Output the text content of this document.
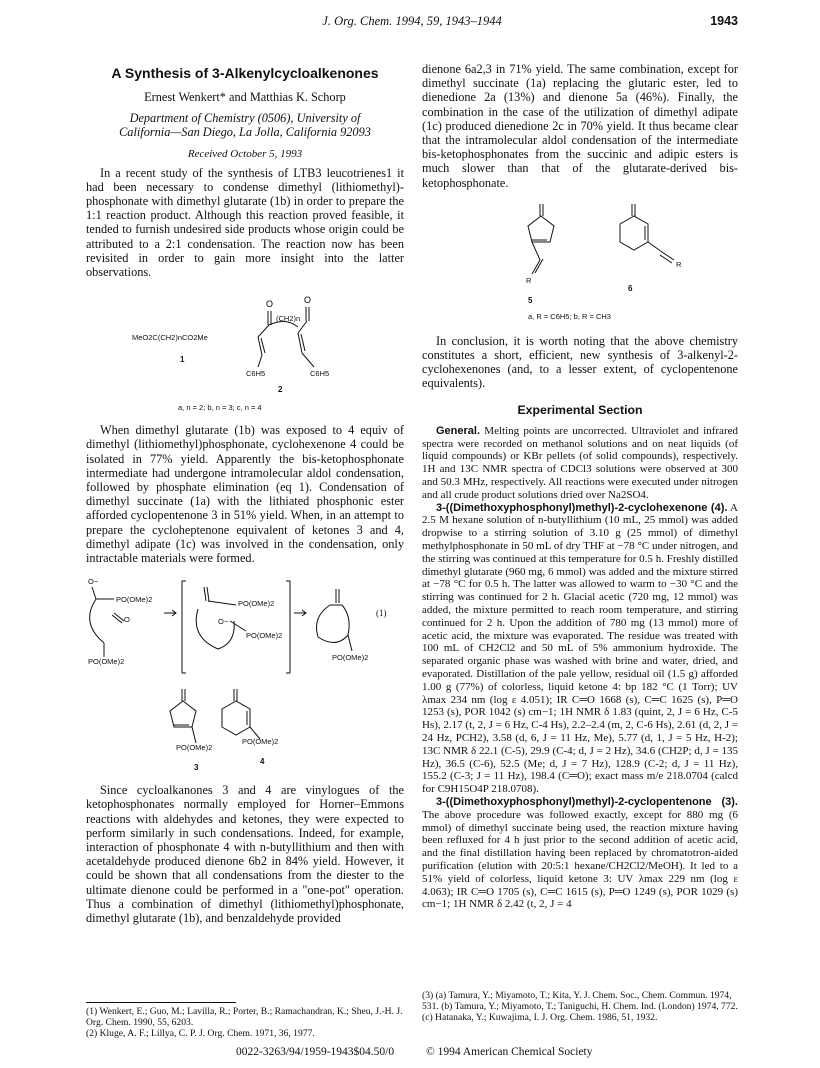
J. Org. Chem. 1994, 59, 1943–1944	1943
A Synthesis of 3-Alkenylcycloalkenones
Ernest Wenkert* and Matthias K. Schorp
Department of Chemistry (0506), University of
California—San Diego, La Jolla, California 92093
Received October 5, 1993

In a recent study of the synthesis of LTB3 leucotrienes1 it had been necessary to condense dimethyl (lithiomethyl)-phosphonate with dimethyl glutarate (1b) in order to prepare the 1:1 reaction product. Although this reaction proved feasible, it tended to furnish undesired side products whose origin could be attributed to a 2:1 condensation. The reaction now has been revisited in order to gain more insight into the latter observations.

O	O
(CH2)n
MeO2C(CH2)nCO2Me
1
C6H5	C6H5
2
a, n = 2; b, n = 3; c, n = 4

When dimethyl glutarate (1b) was exposed to 4 equiv of dimethyl (lithiomethyl)phosphonate, cyclohexenone 4 could be isolated in 77% yield. Apparently the bis-ketophosphonate intermediate had undergone intramolecular aldol condensation, followed by phosphate elimination (eq 1). Condensation of dimethyl succinate (1a) with the lithiated phosphonic ester afforded cyclopentenone 3 in 51% yield. When, in an attempt to prepare the cycloheptenone equivalent of ketones 3 and 4, dimethyl adipate (1c) was involved in the condensation, only intractable materials were formed.

O−
PO(OMe)2
O
PO(OMe)2
PO(OMe)2
O−
PO(OMe)2
PO(OMe)2
(1)
PO(OMe)2
PO(OMe)2
3
4

Since cycloalkanones 3 and 4 are vinylogues of the ketophosphonates normally employed for Horner–Emmons reactions with aldehydes and ketones, they were expected to perform similarly in such condensations. Indeed, for example, interaction of phosphonate 4 with n-butyllithium and then with acetaldehyde produced dienone 6b2 in 84% yield. However, it could be shown that all condensations from the diester to the ultimate dienone could be performed in a "one-pot" operation. Thus a combination of dimethyl (lithiomethyl)phosphonate, dimethyl glutarate (1b), and benzaldehyde provided

dienone 6a2,3 in 71% yield. The same combination, except for dimethyl succinate (1a) replacing the glutaric ester, led to dienedione 2a (13%) and dienone 5a (46%). Finally, the combination in the case of the utilization of dimethyl adipate (1c) produced dienedione 2c in 70% yield. It thus became clear that the intramolecular aldol condensation of the intermediate bis-ketophosphonates from the succinic and adipic esters is much slower than that of the glutarate-derived bis-ketophosphonate.

R
R
5
6
a, R = C6H5; b, R = CH3

In conclusion, it is worth noting that the above chemistry constitutes a short, efficient, new synthesis of 3-alkenyl-2-cyclohexenones (and, to a lesser extent, of cyclopentenone equivalents).

Experimental Section

General. Melting points are uncorrected. Ultraviolet and infrared spectra were recorded on methanol solutions and on neat liquids (of liquid compounds) or KBr pellets (of solid compounds), respectively. 1H and 13C NMR spectra of CDCl3 solutions were observed at 300 and 50.3 MHz, respectively. All reactions were executed under nitrogen and all crude product solutions dried over Na2SO4.

3-((Dimethoxyphosphonyl)methyl)-2-cyclohexenone (4). A 2.5 M hexane solution of n-butyllithium (10 mL, 25 mmol) was added dropwise to a stirring solution of 3.10 g (25 mmol) of dimethyl methylphosphonate in 50 mL of dry THF at −78 °C under nitrogen, and the stirring was continued at this temperature for 0.5 h. Freshly distilled dimethyl glutarate (960 mg, 6 mmol) was added and the mixture stirred at −78 °C for 0.5 h. The latter was allowed to warm to −30 °C and the stirring was continued for 2 h. Glacial acetic (720 mg, 12 mmol) was added, the mixture permitted to reach room temperature, and stirring continued for 2 h. Upon the addition of 780 mg (13 mmol) more of acetic acid, the mixture was evaporated. The residue was treated with 100 mL of CH2Cl2 and 50 mL of 5% ammonium hydroxide. The separated organic phase was washed with brine and water, dried, and evaporated. Distillation of the pale yellow, residual oil (1.5 g) afforded 1.00 g (77%) of colorless, liquid ketone 4: bp 182 °C (1 Torr); UV λmax 234 nm (log ε 4.051); IR C═O 1668 (s), C═C 1625 (s), P═O 1253 (s), POR 1042 (s) cm−1; 1H NMR δ 1.83 (quint, 2, J = 6 Hz, C-5 Hs), 2.17 (t, 2, J = 6 Hz, C-4 Hs), 2.2–2.4 (m, 2, C-6 Hs), 2.61 (d, 2, J = 24 Hz, PCH2), 3.58 (d, 6, J = 11 Hz, Me), 5.77 (d, 1, J = 5 Hz, H-2); 13C NMR δ 22.1 (C-5), 29.9 (C-4; d, J = 2 Hz), 34.6 (CH2P; d, J = 135 Hz), 36.5 (C-6), 52.5 (Me; d, J = 7 Hz), 128.9 (C-2; d, J = 11 Hz), 155.2 (C-3; J = 11 Hz), 198.4 (C═O); exact mass m/e 218.0704 (calcd for C9H15O4P 218.0708).

3-((Dimethoxyphosphonyl)methyl)-2-cyclopentenone (3). The above procedure was followed exactly, except for 880 mg (6 mmol) of dimethyl succinate being used, the reaction mixture having been refluxed for 4 h just prior to the second addition of acetic acid, and the final distillation having been replaced by chromatotron-aided purification (elution with 20:5:1 hexane/CH2Cl2/MeOH). It led to a 51% yield of colorless, liquid ketone 3: UV λmax 229 nm (log ε 4.063); IR C═O 1705 (s), C═C 1615 (s), P═O 1249 (s), POR 1029 (s) cm−1; 1H NMR δ 2.42 (t, 2, J = 4

(1) Wenkert, E.; Guo, M.; Lavilla, R.; Porter, B.; Ramachandran, K.; Sheu, J.-H. J. Org. Chem. 1990, 55, 6203.
(2) Kluge, A. F.; Lillya, C. P. J. Org. Chem. 1971, 36, 1977.
(3) (a) Tamura, Y.; Miyamoto, T.; Kita, Y. J. Chem. Soc., Chem. Commun. 1974, 531. (b) Tamura, Y.; Miyamoto, T.; Taniguchi, H. Chem. Ind. (London) 1974, 772. (c) Hatanaka, Y.; Kuwajima, I. J. Org. Chem. 1986, 51, 1932.
0022-3263/94/1959-1943$04.50/0	© 1994 American Chemical Society
